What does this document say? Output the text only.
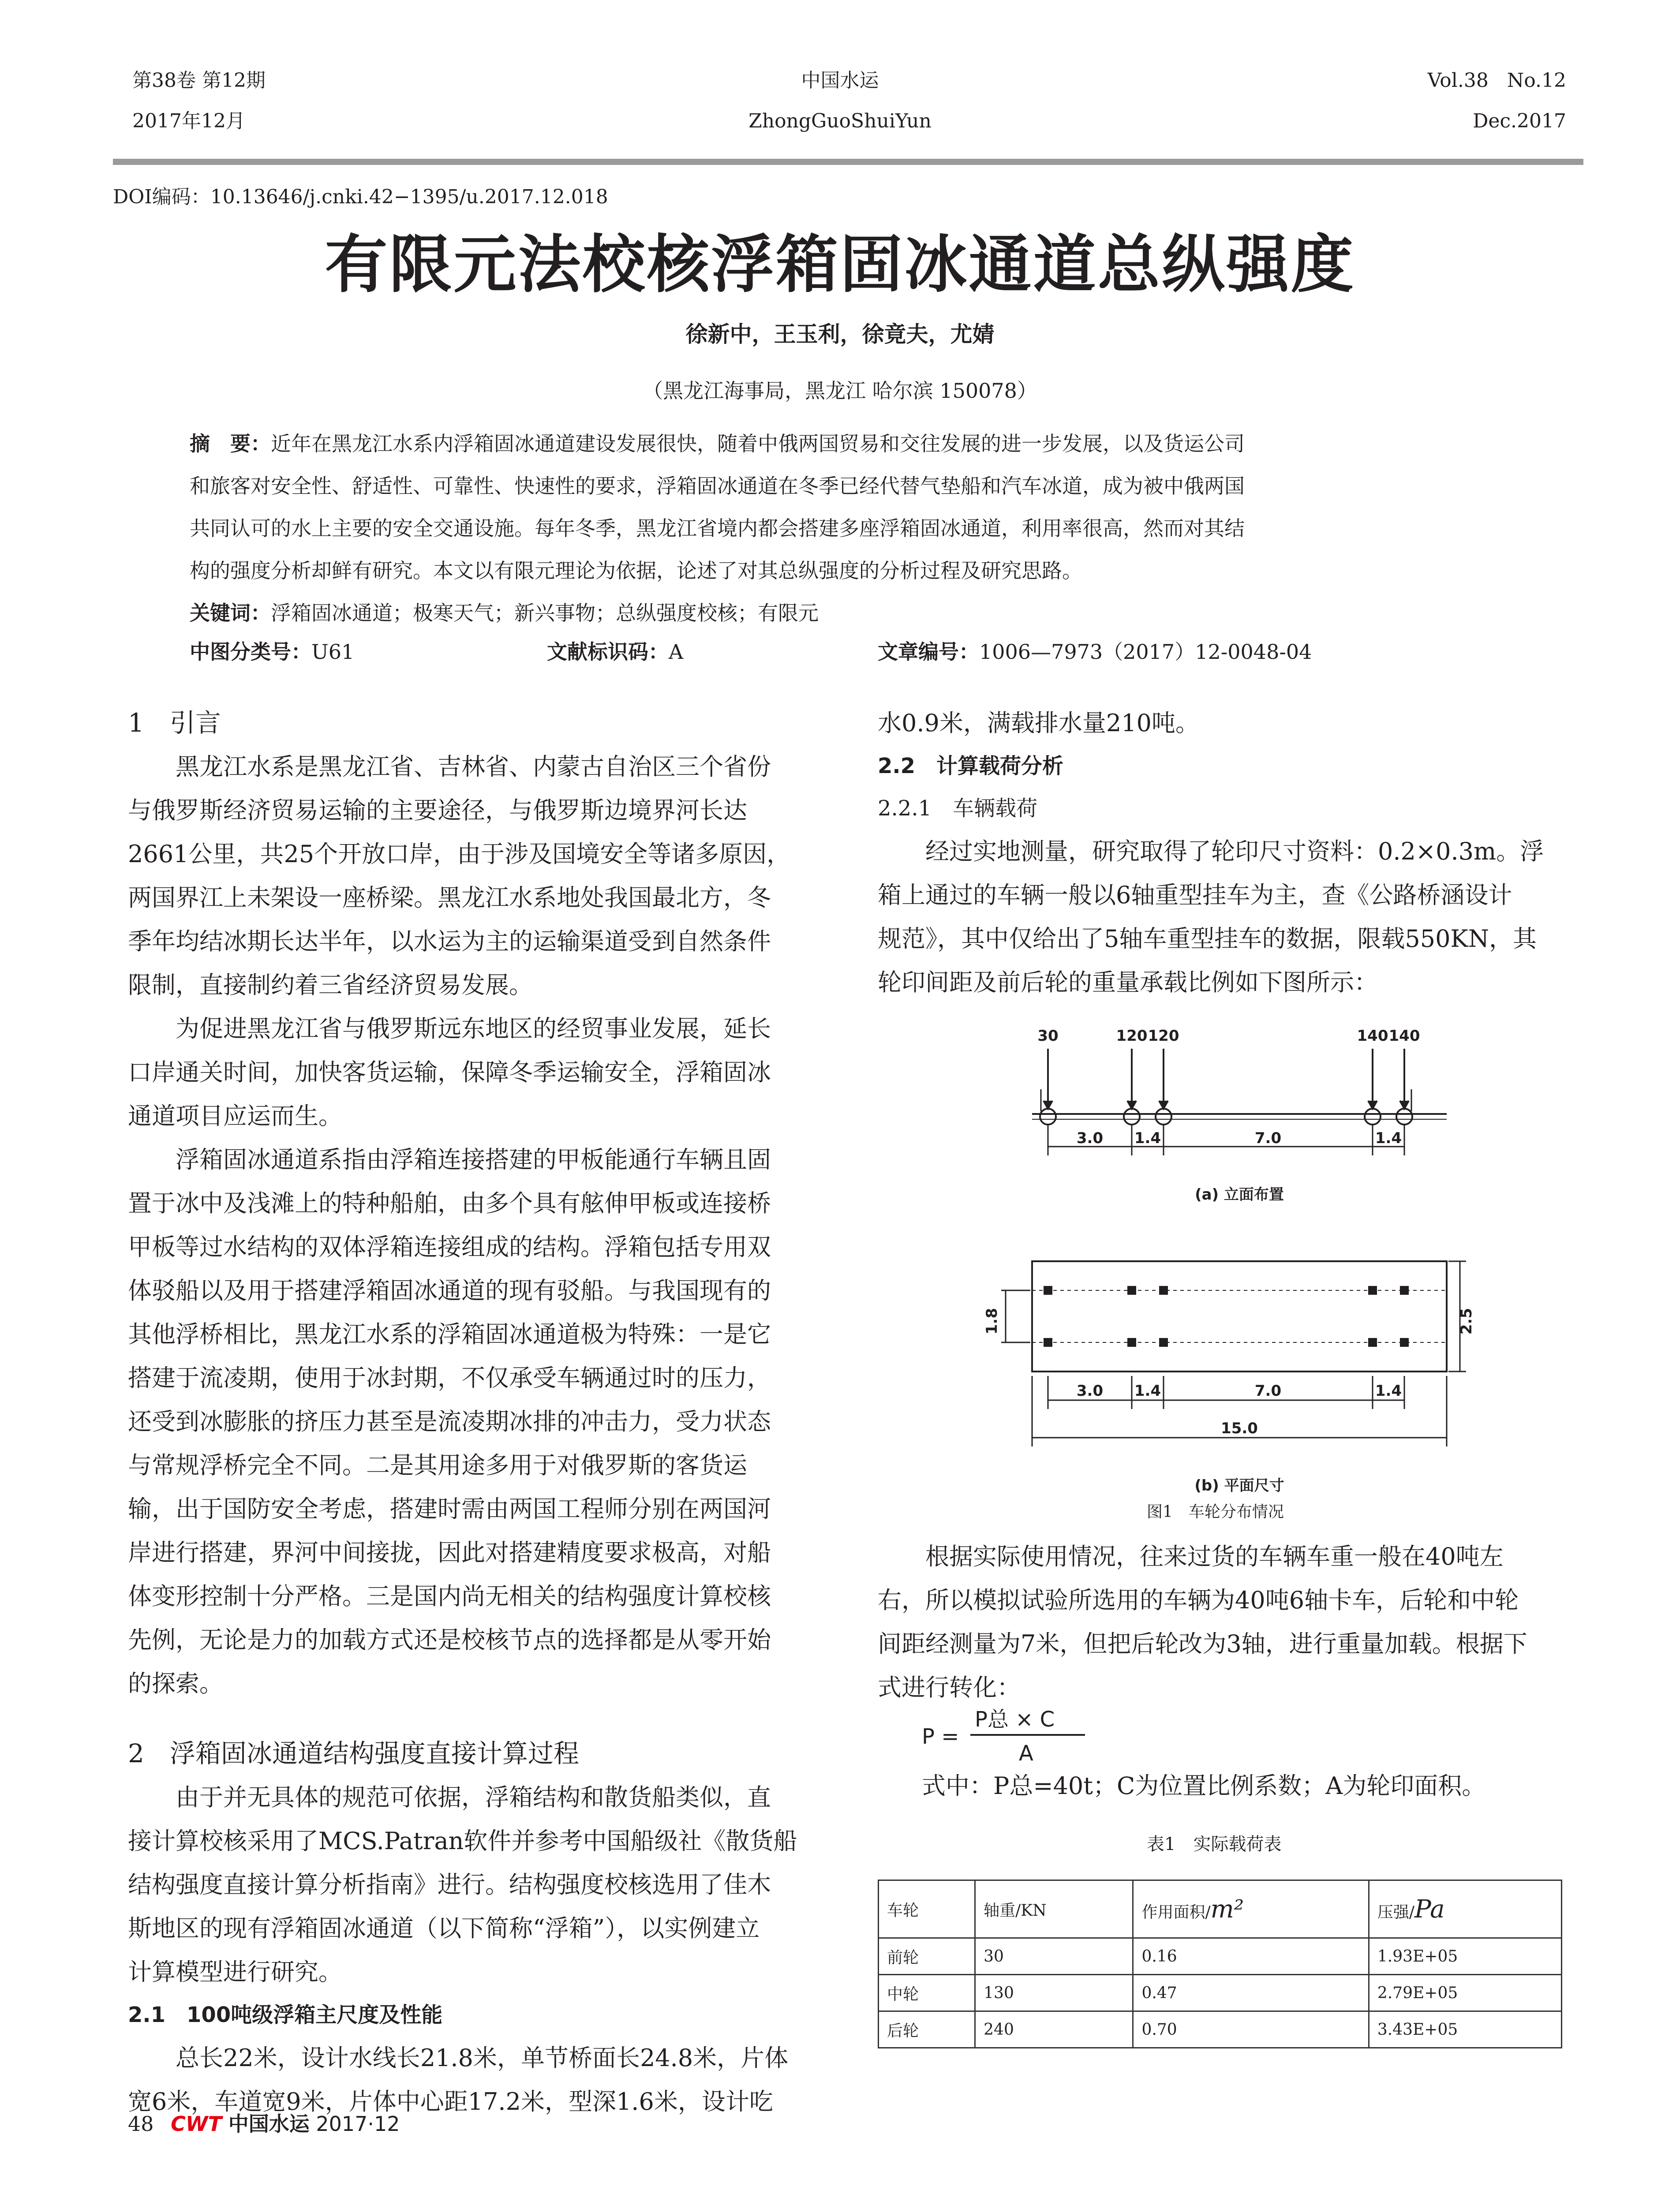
第38卷 第12期
2017年12月
中国水运
ZhongGuoShuiYun
Vol.38   No.12
Dec.2017
DOI编码：10.13646/j.cnki.42−1395/u.2017.12.018
有限元法校核浮箱固冰通道总纵强度
徐新中，王玉利，徐竟夫，尤婧
（黑龙江海事局，黑龙江 哈尔滨 150078）
摘　要：近年在黑龙江水系内浮箱固冰通道建设发展很快，随着中俄两国贸易和交往发展的进一步发展，以及货运公司
和旅客对安全性、舒适性、可靠性、快速性的要求，浮箱固冰通道在冬季已经代替气垫船和汽车冰道，成为被中俄两国
共同认可的水上主要的安全交通设施。每年冬季，黑龙江省境内都会搭建多座浮箱固冰通道，利用率很高，然而对其结
构的强度分析却鲜有研究。本文以有限元理论为依据，论述了对其总纵强度的分析过程及研究思路。
关键词：浮箱固冰通道；极寒天气；新兴事物；总纵强度校核；有限元
中图分类号：U61	文献标识码：A	文章编号：1006—7973（2017）12-0048-04
1　引言
黑龙江水系是黑龙江省、吉林省、内蒙古自治区三个省份
与俄罗斯经济贸易运输的主要途径，与俄罗斯边境界河长达
2661公里，共25个开放口岸，由于涉及国境安全等诸多原因，
两国界江上未架设一座桥梁。黑龙江水系地处我国最北方，冬
季年均结冰期长达半年，以水运为主的运输渠道受到自然条件
限制，直接制约着三省经济贸易发展。
为促进黑龙江省与俄罗斯远东地区的经贸事业发展，延长
口岸通关时间，加快客货运输，保障冬季运输安全，浮箱固冰
通道项目应运而生。
浮箱固冰通道系指由浮箱连接搭建的甲板能通行车辆且固
置于冰中及浅滩上的特种船舶，由多个具有舷伸甲板或连接桥
甲板等过水结构的双体浮箱连接组成的结构。浮箱包括专用双
体驳船以及用于搭建浮箱固冰通道的现有驳船。与我国现有的
其他浮桥相比，黑龙江水系的浮箱固冰通道极为特殊：一是它
搭建于流凌期，使用于冰封期，不仅承受车辆通过时的压力，
还受到冰膨胀的挤压力甚至是流凌期冰排的冲击力，受力状态
与常规浮桥完全不同。二是其用途多用于对俄罗斯的客货运
输，出于国防安全考虑，搭建时需由两国工程师分别在两国河
岸进行搭建，界河中间接拢，因此对搭建精度要求极高，对船
体变形控制十分严格。三是国内尚无相关的结构强度计算校核
先例，无论是力的加载方式还是校核节点的选择都是从零开始
的探索。
2　浮箱固冰通道结构强度直接计算过程
由于并无具体的规范可依据，浮箱结构和散货船类似，直
接计算校核采用了MCS.Patran软件并参考中国船级社《散货船
结构强度直接计算分析指南》进行。结构强度校核选用了佳木
斯地区的现有浮箱固冰通道（以下简称“浮箱”），以实例建立
计算模型进行研究。
2.1　100吨级浮箱主尺度及性能
总长22米，设计水线长21.8米，单节桥面长24.8米，片体
宽6米，车道宽9米，片体中心距17.2米，型深1.6米，设计吃
水0.9米，满载排水量210吨。
2.2　计算载荷分析
2.2.1　车辆载荷
经过实地测量，研究取得了轮印尺寸资料：0.2×0.3m。浮
箱上通过的车辆一般以6轴重型挂车为主，查《公路桥涵设计
规范》，其中仅给出了5轴车重型挂车的数据，限载550KN，其
轮印间距及前后轮的重量承载比例如下图所示：
30	120 120	140 140
3.0 1.4	7.0	1.4
(a) 立面布置
3.0 1.4	7.0	1.4
15.0
1.8	2.5
(b) 平面尺寸
图1　车轮分布情况
根据实际使用情况，往来过货的车辆车重一般在40吨左
右，所以模拟试验所选用的车辆为40吨6轴卡车，后轮和中轮
间距经测量为7米，但把后轮改为3轴，进行重量加载。根据下
式进行转化：
P =
P总 × C
A
式中：P总=40t；C为位置比例系数；A为轮印面积。
表1　实际载荷表
车轮	轴重/KN	作用面积/m²	压强/Pa
前轮	30	0.16	1.93E+05
中轮	130	0.47	2.79E+05
后轮	240	0.70	3.43E+05
48 CWT 中国水运 2017·12
